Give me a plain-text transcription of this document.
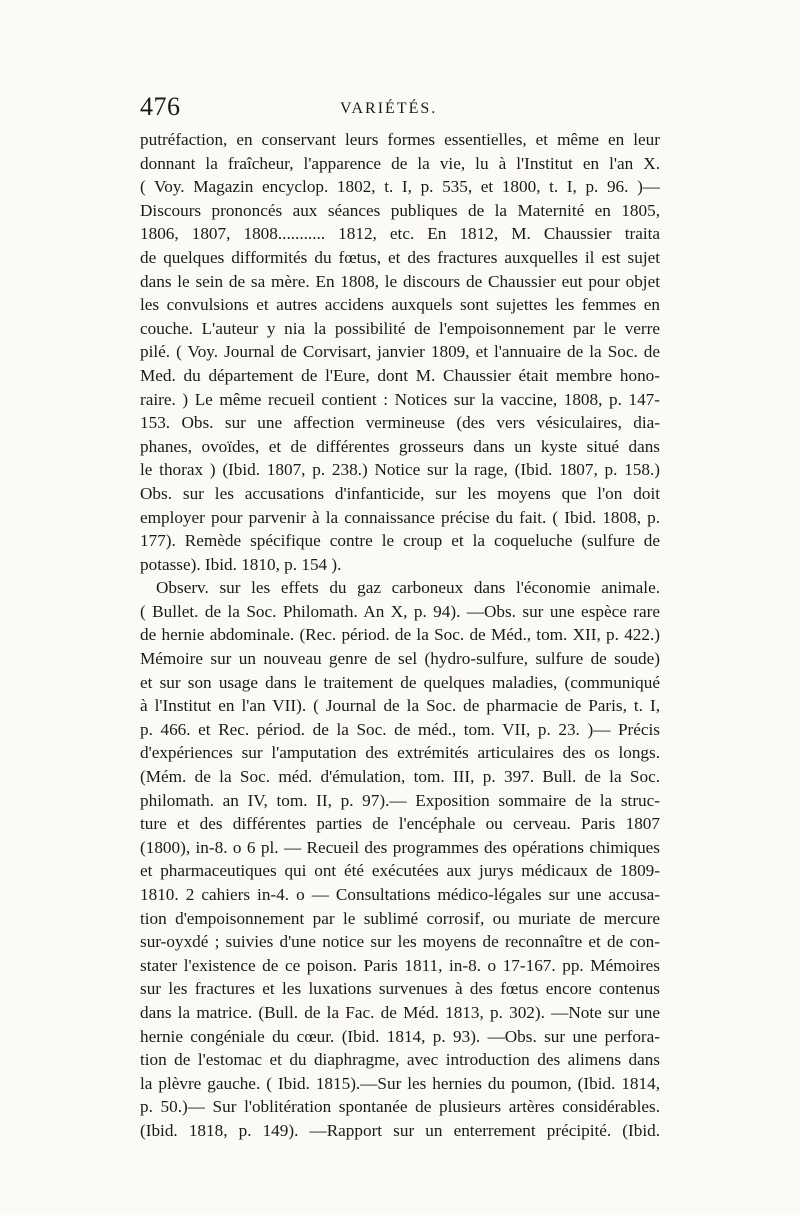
476	VARIÉTÉS.
putréfaction, en conservant leurs formes essentielles, et même en leur
donnant la fraîcheur, l'apparence de la vie, lu à l'Institut en l'an X.
( Voy. Magazin encyclop. 1802, t. I, p. 535, et 1800, t. I, p. 96. )—
Discours prononcés aux séances publiques de la Maternité en 1805,
1806, 1807, 1808........... 1812, etc. En 1812, M. Chaussier traita
de quelques difformités du fœtus, et des fractures auxquelles il est sujet
dans le sein de sa mère. En 1808, le discours de Chaussier eut pour objet
les convulsions et autres accidens auxquels sont sujettes les femmes en
couche. L'auteur y nia la possibilité de l'empoisonnement par le verre
pilé. ( Voy. Journal de Corvisart, janvier 1809, et l'annuaire de la Soc. de
Med. du département de l'Eure, dont M. Chaussier était membre hono-
raire. ) Le même recueil contient : Notices sur la vaccine, 1808, p. 147-
153. Obs. sur une affection vermineuse (des vers vésiculaires, dia-
phanes, ovoïdes, et de différentes grosseurs dans un kyste situé dans
le thorax ) (Ibid. 1807, p. 238.) Notice sur la rage, (Ibid. 1807, p. 158.)
Obs. sur les accusations d'infanticide, sur les moyens que l'on doit
employer pour parvenir à la connaissance précise du fait. ( Ibid. 1808, p.
177). Remède spécifique contre le croup et la coqueluche (sulfure de
potasse). Ibid. 1810, p. 154 ).
Observ. sur les effets du gaz carboneux dans l'économie animale.
( Bullet. de la Soc. Philomath. An X, p. 94). —Obs. sur une espèce rare
de hernie abdominale. (Rec. périod. de la Soc. de Méd., tom. XII, p. 422.)
Mémoire sur un nouveau genre de sel (hydro-sulfure, sulfure de soude)
et sur son usage dans le traitement de quelques maladies, (communiqué
à l'Institut en l'an VII). ( Journal de la Soc. de pharmacie de Paris, t. I,
p. 466. et Rec. périod. de la Soc. de méd., tom. VII, p. 23. )— Précis
d'expériences sur l'amputation des extrémités articulaires des os longs.
(Mém. de la Soc. méd. d'émulation, tom. III, p. 397. Bull. de la Soc.
philomath. an IV, tom. II, p. 97).— Exposition sommaire de la struc-
ture et des différentes parties de l'encéphale ou cerveau. Paris 1807
(1800), in-8. o 6 pl. — Recueil des programmes des opérations chimiques
et pharmaceutiques qui ont été exécutées aux jurys médicaux de 1809-
1810. 2 cahiers in-4. o — Consultations médico-légales sur une accusa-
tion d'empoisonnement par le sublimé corrosif, ou muriate de mercure
sur-oyxdé ; suivies d'une notice sur les moyens de reconnaître et de con-
stater l'existence de ce poison. Paris 1811, in-8. o 17-167. pp. Mémoires
sur les fractures et les luxations survenues à des fœtus encore contenus
dans la matrice. (Bull. de la Fac. de Méd. 1813, p. 302). —Note sur une
hernie congéniale du cœur. (Ibid. 1814, p. 93). —Obs. sur une perfora-
tion de l'estomac et du diaphragme, avec introduction des alimens dans
la plèvre gauche. ( Ibid. 1815).—Sur les hernies du poumon, (Ibid. 1814,
p. 50.)— Sur l'oblitération spontanée de plusieurs artères considérables.
(Ibid. 1818, p. 149). —Rapport sur un enterrement précipité. (Ibid.
